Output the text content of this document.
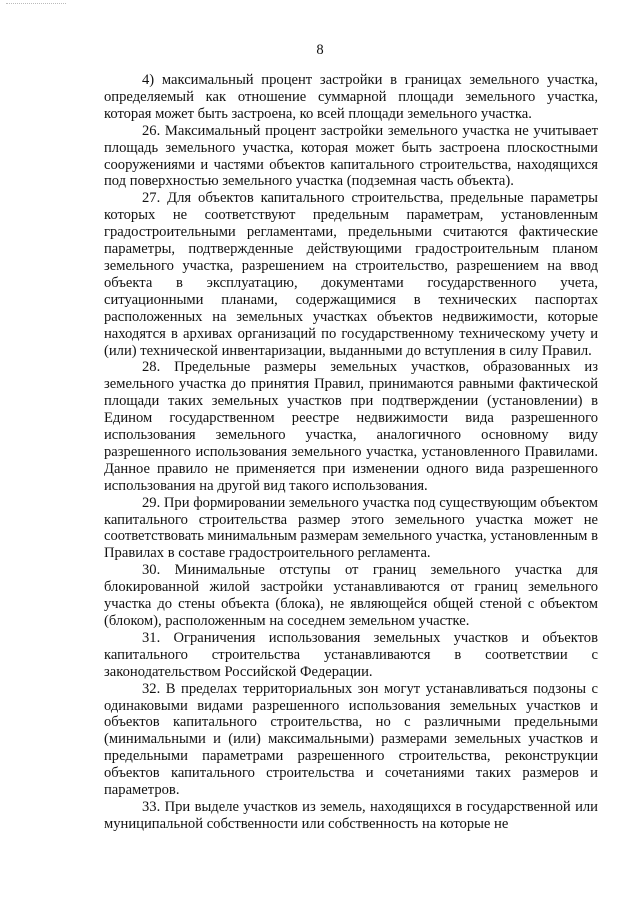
8

4) максимальный процент застройки в границах земельного участка, определяемый как отношение суммарной площади земельного участка, которая может быть застроена, ко всей площади земельного участка.

26. Максимальный процент застройки земельного участка не учитывает площадь земельного участка, которая может быть застроена плоскостными сооружениями и частями объектов капитального строительства, находящихся под поверхностью земельного участка (подземная часть объекта).

27. Для объектов капитального строительства, предельные параметры которых не соответствуют предельным параметрам, установленным градостроительными регламентами, предельными считаются фактические параметры, подтвержденные действующими градостроительным планом земельного участка, разрешением на строительство, разрешением на ввод объекта в эксплуатацию, документами государственного учета, ситуационными планами, содержащимися в технических паспортах расположенных на земельных участках объектов недвижимости, которые находятся в архивах организаций по государственному техническому учету и (или) технической инвентаризации, выданными до вступления в силу Правил.

28. Предельные размеры земельных участков, образованных из земельного участка до принятия Правил, принимаются равными фактической площади таких земельных участков при подтверждении (установлении) в Едином государственном реестре недвижимости вида разрешенного использования земельного участка, аналогичного основному виду разрешенного использования земельного участка, установленного Правилами. Данное правило не применяется при изменении одного вида разрешенного использования на другой вид такого использования.

29. При формировании земельного участка под существующим объектом капитального строительства размер этого земельного участка может не соответствовать минимальным размерам земельного участка, установленным в Правилах в составе градостроительного регламента.

30. Минимальные отступы от границ земельного участка для блокированной жилой застройки устанавливаются от границ земельного участка до стены объекта (блока), не являющейся общей стеной с объектом (блоком), расположенным на соседнем земельном участке.

31. Ограничения использования земельных участков и объектов капитального строительства устанавливаются в соответствии с законодательством Российской Федерации.

32. В пределах территориальных зон могут устанавливаться подзоны с одинаковыми видами разрешенного использования земельных участков и объектов капитального строительства, но с различными предельными (минимальными и (или) максимальными) размерами земельных участков и предельными параметрами разрешенного строительства, реконструкции объектов капитального строительства и сочетаниями таких размеров и параметров.

33. При выделе участков из земель, находящихся в государственной или муниципальной собственности или собственность на которые не
